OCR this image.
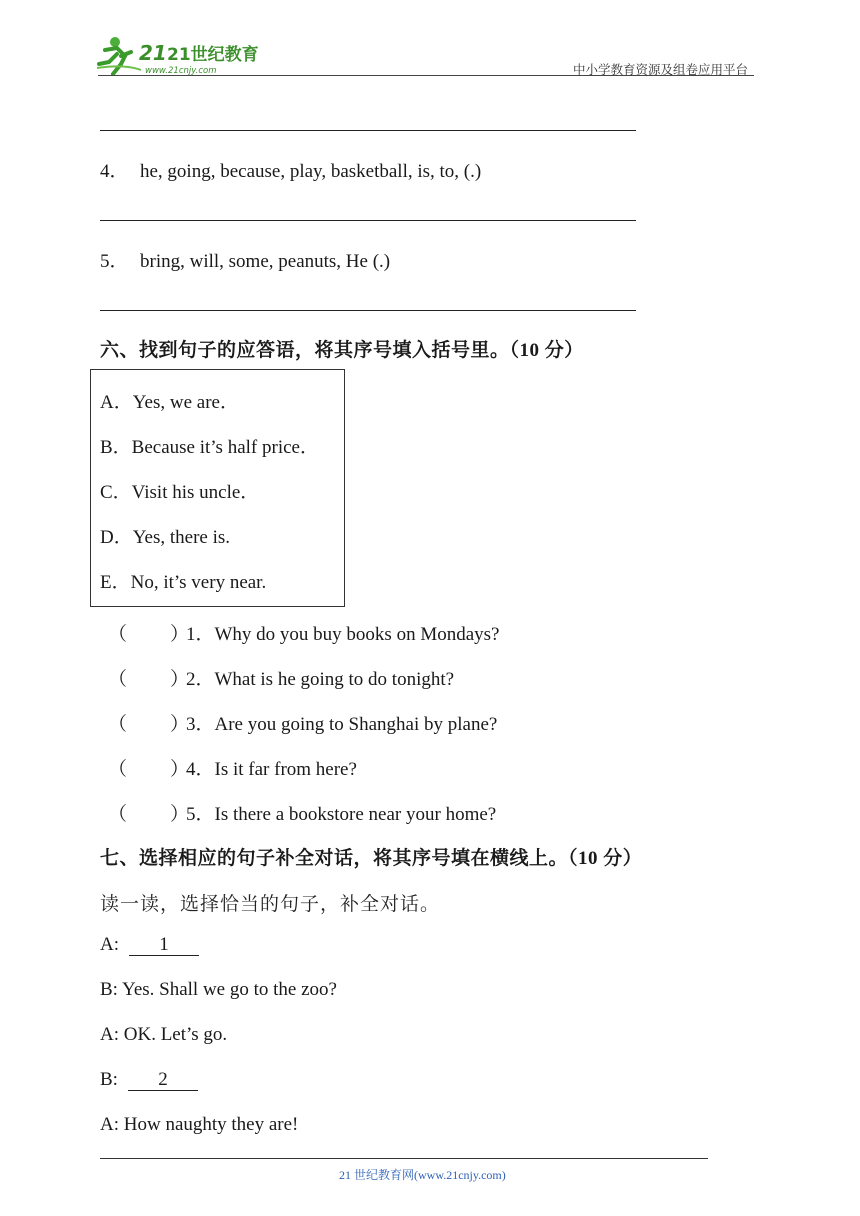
21 21世纪教育
www.21cnjy.com	中小学教育资源及组卷应用平台
4． he, going, because, play, basketball, is, to, (.)
5． bring, will, some, peanuts, He (.)
六、找到句子的应答语，将其序号填入括号里。（10 分）
A．Yes, we are．
B．Because it’s half price．
C．Visit his uncle．
D．Yes, there is.
E．No, it’s very near.
（ ）1．Why do you buy books on Mondays?
（ ）2．What is he going to do tonight?
（ ）3．Are you going to Shanghai by plane?
（ ）4．Is it far from here?
（ ）5．Is there a bookstore near your home?
七、选择相应的句子补全对话，将其序号填在横线上。（10 分）
读一读，选择恰当的句子，补全对话。
A: 1
B: Yes. Shall we go to the zoo?
A: OK. Let’s go.
B: 2
A: How naughty they are!
21 世纪教育网(www.21cnjy.com)
